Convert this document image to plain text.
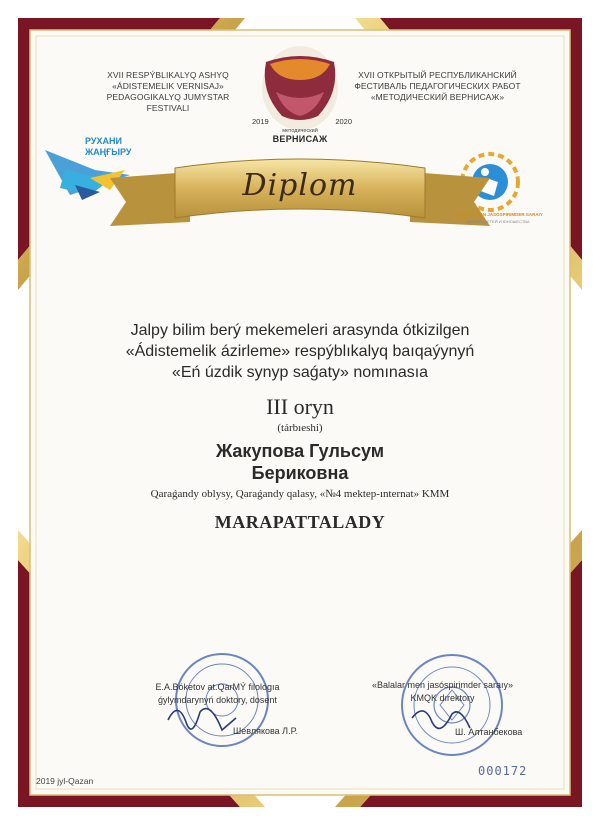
XVII RESPÝBLIKALYQ ASHYQ
«ÁDISTEMELIK VERNISAJ»
PEDAGOGIKALYQ JUMYSTAR FESTIVALI
XVII ОТКРЫТЫЙ РЕСПУБЛИКАНСКИЙ
ФЕСТИВАЛЬ ПЕДАГОГИЧЕСКИХ РАБОТ
«МЕТОДИЧЕСКИЙ ВЕРНИСАЖ»
2019	2020
методический
ВЕРНИСАЖ
РУХАНИ
ЖАҢҒЫРУ
BALALAR MEN JASÓSPIRIMDER SARAIY
ДВОРЕЦ ДЕТЕЙ И ЮНОШЕСТВА
Diplom
Jalpy bilim berý mekemeleri arasynda ótkizilgen
«Ádistemelik ázirleme» respýblıkalyq baıqaýynyń
«Eń úzdik synyp saǵaty» nomınasıa
III oryn
(tárbıeshi)
Жакупова Гульсум
Бериковна
Qaraǵandy oblysy, Qaraǵandy qalasy, «№4 mektep-ınternat» KMM
MARAPATTALADY
E.A.Bóketov at.QarMÝ filologıa
ǵylymdarynyń doktory, dosent
Шевлякова Л.Р.
«Balalar men jasóspirimder saraıy»
KMQK dırektory
Ш. Алтанбекова
2019 jyl-Qazan
000172
